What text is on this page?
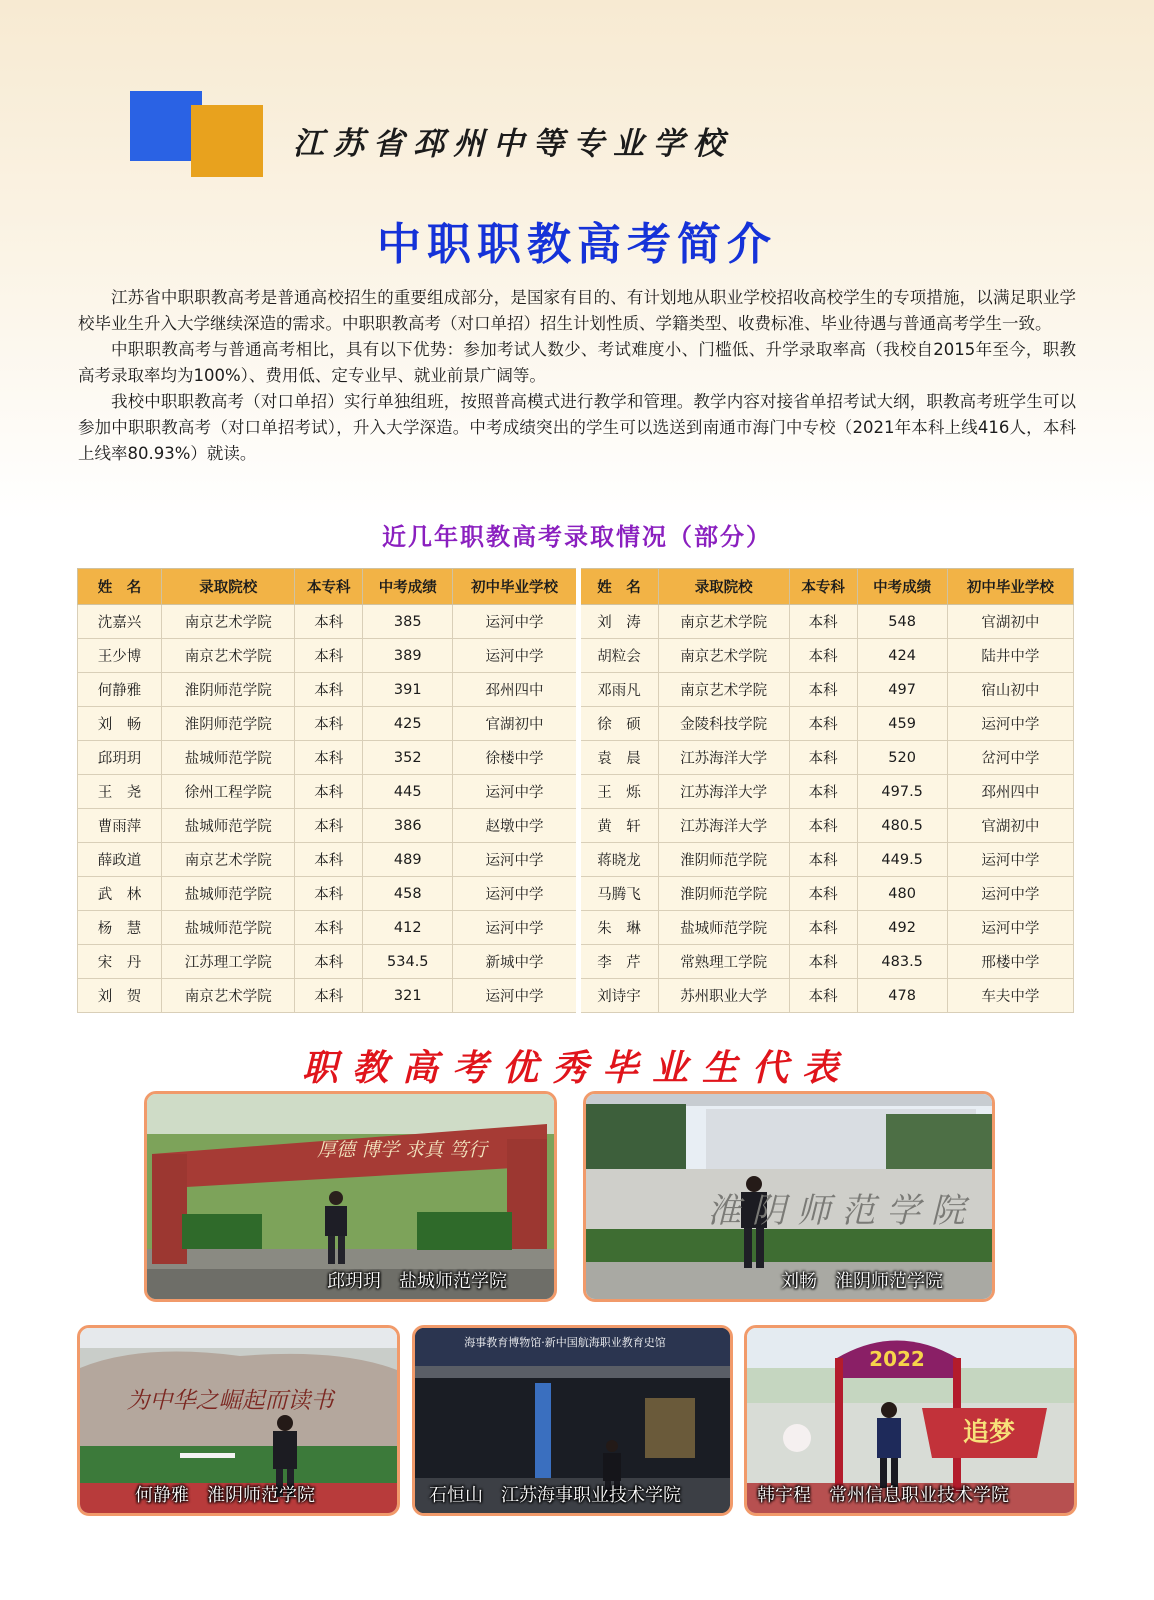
江苏省邳州中等专业学校
中职职教高考简介

江苏省中职职教高考是普通高校招生的重要组成部分，是国家有目的、有计划地从职业学校招收高校学生的专项措施，以满足职业学校毕业生升入大学继续深造的需求。中职职教高考（对口单招）招生计划性质、学籍类型、收费标准、毕业待遇与普通高考学生一致。

中职职教高考与普通高考相比，具有以下优势：参加考试人数少、考试难度小、门槛低、升学录取率高（我校自2015年至今，职教高考录取率均为100%）、费用低、定专业早、就业前景广阔等。

我校中职职教高考（对口单招）实行单独组班，按照普高模式进行教学和管理。教学内容对接省单招考试大纲，职教高考班学生可以参加中职职教高考（对口单招考试），升入大学深造。中考成绩突出的学生可以选送到南通市海门中专校（2021年本科上线416人，本科上线率80.93%）就读。

近几年职教高考录取情况（部分）
姓　名	录取院校	本专科	中考成绩	初中毕业学校	姓　名	录取院校	本专科	中考成绩	初中毕业学校
沈嘉兴	南京艺术学院	本科	385	运河中学	刘　涛	南京艺术学院	本科	548	官湖初中
王少博	南京艺术学院	本科	389	运河中学	胡粒会	南京艺术学院	本科	424	陆井中学
何静雅	淮阴师范学院	本科	391	邳州四中	邓雨凡	南京艺术学院	本科	497	宿山初中
刘　畅	淮阴师范学院	本科	425	官湖初中	徐　硕	金陵科技学院	本科	459	运河中学
邱玥玥	盐城师范学院	本科	352	徐楼中学	袁　晨	江苏海洋大学	本科	520	岔河中学
王　尧	徐州工程学院	本科	445	运河中学	王　烁	江苏海洋大学	本科	497.5	邳州四中
曹雨萍	盐城师范学院	本科	386	赵墩中学	黄　轩	江苏海洋大学	本科	480.5	官湖初中
薛政道	南京艺术学院	本科	489	运河中学	蒋晓龙	淮阴师范学院	本科	449.5	运河中学
武　林	盐城师范学院	本科	458	运河中学	马腾飞	淮阴师范学院	本科	480	运河中学
杨　慧	盐城师范学院	本科	412	运河中学	朱　琳	盐城师范学院	本科	492	运河中学
宋　丹	江苏理工学院	本科	534.5	新城中学	李　芹	常熟理工学院	本科	483.5	邢楼中学
刘　贺	南京艺术学院	本科	321	运河中学	刘诗宇	苏州职业大学	本科	478	车夫中学
职教高考优秀毕业生代表
厚德 博学 求真 笃行
邱玥玥　盐城师范学院
淮 阴 师 范 学 院
刘畅　淮阴师范学院
为中华之崛起而读书
何静雅　淮阴师范学院
海事教育博物馆·新中国航海职业教育史馆
石恒山　江苏海事职业技术学院
2022
追梦
韩宇程　常州信息职业技术学院
